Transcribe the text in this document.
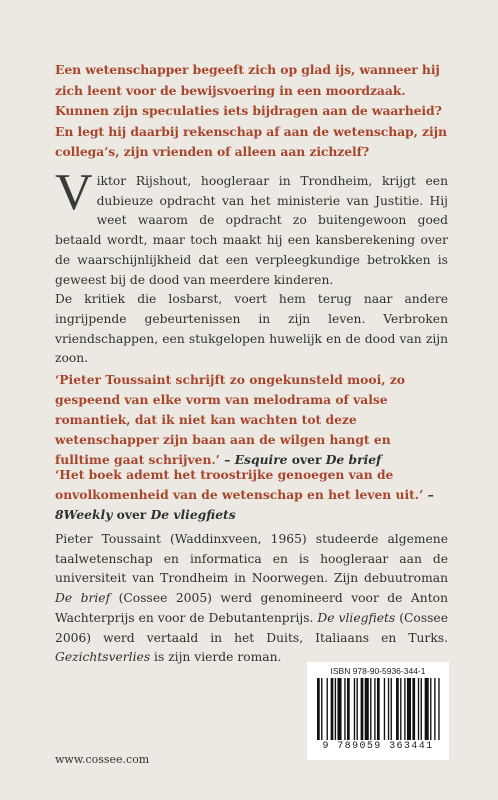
Een wetenschapper begeeft zich op glad ijs, wanneer hij zich leent voor de bewijsvoering in een moordzaak. Kunnen zijn speculaties iets bijdragen aan de waarheid? En legt hij daarbij rekenschap af aan de wetenschap, zijn collega’s, zijn vrienden of alleen aan zichzelf?

Viktor Rijshout, hoogleraar in Trondheim, krijgt een dubieuze opdracht van het ministerie van Justitie. Hij weet waarom de opdracht zo buitengewoon goed betaald wordt, maar toch maakt hij een kansberekening over de waarschijnlijkheid dat een verpleegkundige betrokken is geweest bij de dood van meerdere kinderen.

De kritiek die losbarst, voert hem terug naar andere ingrijpende gebeurtenissen in zijn leven. Verbroken vriendschappen, een stukgelopen huwelijk en de dood van zijn zoon.

‘Pieter Toussaint schrijft zo ongekunsteld mooi, zo gespeend van elke vorm van melodrama of valse romantiek, dat ik niet kan wachten tot deze wetenschapper zijn baan aan de wilgen hangt en fulltime gaat schrijven.’ – Esquire over De brief
‘Het boek ademt het troostrijke genoegen van de onvolkomenheid van de wetenschap en het leven uit.’ – 8Weekly over De vliegfiets
Pieter Toussaint (Waddinxveen, 1965) studeerde algemene taalwetenschap en informatica en is hoogleraar aan de universiteit van Trondheim in Noorwegen. Zijn debuutroman De brief (Cossee 2005) werd genomineerd voor de Anton Wachterprijs en voor de Debutantenprijs. De vliegfiets (Cossee 2006) werd vertaald in het Duits, Italiaans en Turks. Gezichtsverlies is zijn vierde roman.
ISBN 978-90-5936-344-1
9 789059 363441
www.cossee.com
